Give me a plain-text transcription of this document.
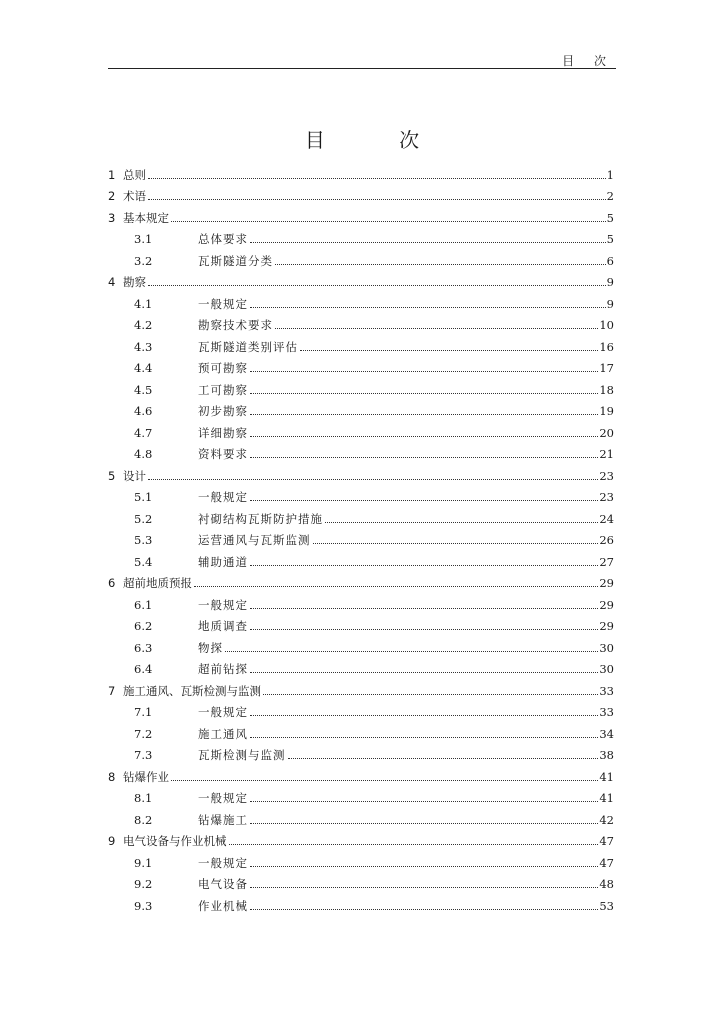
目 次
目 次
1 总则	1
2 术语	2
3 基本规定	5
3.1	总体要求	5
3.2	瓦斯隧道分类	6
4 勘察	9
4.1	一般规定	9
4.2	勘察技术要求	10
4.3	瓦斯隧道类别评估	16
4.4	预可勘察	17
4.5	工可勘察	18
4.6	初步勘察	19
4.7	详细勘察	20
4.8	资料要求	21
5 设计	23
5.1	一般规定	23
5.2	衬砌结构瓦斯防护措施	24
5.3	运营通风与瓦斯监测	26
5.4	辅助通道	27
6 超前地质预报	29
6.1	一般规定	29
6.2	地质调查	29
6.3	物探	30
6.4	超前钻探	30
7 施工通风、瓦斯检测与监测	33
7.1	一般规定	33
7.2	施工通风	34
7.3	瓦斯检测与监测	38
8 钻爆作业	41
8.1	一般规定	41
8.2	钻爆施工	42
9 电气设备与作业机械	47
9.1	一般规定	47
9.2	电气设备	48
9.3	作业机械	53
